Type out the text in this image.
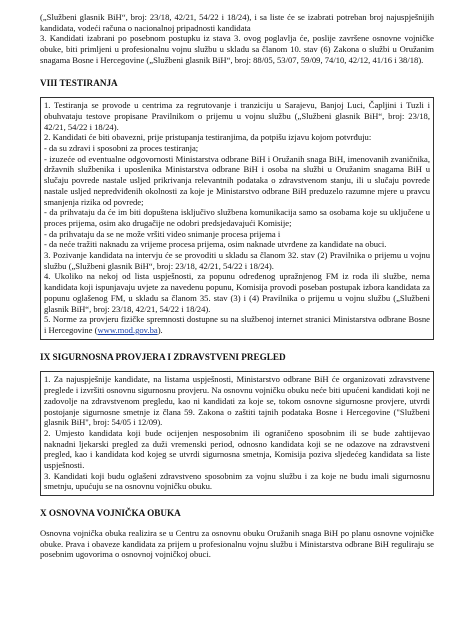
(„Službeni glasnik BiH“, broj: 23/18, 42/21, 54/22 i 18/24), i sa liste će se izabrati potreban broj najuspješnijih kandidata, vodeći računa o nacionalnoj pripadnosti kandidata

3. Kandidati izabrani po posebnom postupku iz stava 3. ovog poglavlja će, poslije završene osnovne vojničke obuke, biti primljeni u profesionalnu vojnu službu u skladu sa članom 10. stav (6) Zakona o službi u Oružanim snagama Bosne i Hercegovine („Službeni glasnik BiH“, broj: 88/05, 53/07, 59/09, 74/10, 42/12, 41/16 i 38/18).

VIII TESTIRANJA

1. Testiranja se provode u centrima za regrutovanje i tranziciju u Sarajevu, Banjoj Luci, Čapljini i Tuzli i obuhvataju testove propisane Pravilnikom o prijemu u vojnu službu („Službeni glasnik BiH“, broj: 23/18, 42/21, 54/22 i 18/24).

2. Kandidati će biti obavezni, prije pristupanja testiranjima, da potpišu izjavu kojom potvrđuju:

- da su zdravi i sposobni za proces testiranja;

- izuzeće od eventualne odgovornosti Ministarstva odbrane BiH i Oružanih snaga BiH, imenovanih zvaničnika, državnih službenika i uposlenika Ministarstva odbrane BiH i osoba na službi u Oružanim snagama BiH u slučaju povrede nastale usljed prikrivanja relevantnih podataka o zdravstvenom stanju, ili u slučaju povrede nastale usljed nepredviđenih okolnosti za koje je Ministarstvo odbrane BiH preduzelo razumne mjere u pravcu smanjenja rizika od povrede;

- da prihvataju da će im biti dopuštena isključivo službena komunikacija samo sa osobama koje su uključene u proces prijema, osim ako drugačije ne odobri predsjedavajući Komisije;

- da prihvataju da se ne može vršiti video snimanje procesa prijema i

- da neće tražiti naknadu za vrijeme procesa prijema, osim naknade utvrđene za kandidate na obuci.

3. Pozivanje kandidata na intervju će se provoditi u skladu sa članom 32. stav (2) Pravilnika o prijemu u vojnu službu („Službeni glasnik BiH“, broj: 23/18, 42/21, 54/22 i 18/24).

4. Ukoliko na nekoj od lista uspješnosti, za popunu određenog upražnjenog FM iz roda ili službe, nema kandidata koji ispunjavaju uvjete za navedenu popunu, Komisija provodi poseban postupak izbora kandidata za popunu oglašenog FM, u skladu sa članom 35. stav (3) i (4) Pravilnika o prijemu u vojnu službu („Službeni glasnik BiH“, broj: 23/18, 42/21, 54/22 i 18/24).

5. Norme za provjeru fizičke spremnosti dostupne su na službenoj internet stranici Ministarstva odbrane Bosne i Hercegovine (www.mod.gov.ba).

IX SIGURNOSNA PROVJERA I ZDRAVSTVENI PREGLED

1. Za najuspješnije kandidate, na listama uspješnosti, Ministarstvo odbrane BiH će organizovati zdravstvene preglede i izvršiti osnovnu sigurnosnu provjeru. Na osnovnu vojničku obuku neće biti upućeni kandidati koji ne zadovolje na zdravstvenom pregledu, kao ni kandidati za koje se, tokom osnovne sigurnosne provjere, utvrdi postojanje sigurnosne smetnje iz člana 59. Zakona o zaštiti tajnih podataka Bosne i Hercegovine ("Službeni glasnik BiH", broj: 54/05 i 12/09).

2. Umjesto kandidata koji bude ocijenjen nesposobnim ili ograničeno sposobnim ili se bude zahtijevao naknadni ljekarski pregled za duži vremenski period, odnosno kandidata koji se ne odazove na zdravstveni pregled, kao i kandidata kod kojeg se utvrdi sigurnosna smetnja, Komisija poziva sljedećeg kandidata sa liste uspješnosti.

3. Kandidati koji budu oglašeni zdravstveno sposobnim za vojnu službu i za koje ne budu imali sigurnosnu smetnju, upućuju se na osnovnu vojničku obuku.

X OSNOVNA VOJNIČKA OBUKA

Osnovna vojnička obuka realizira se u Centru za osnovnu obuku Oružanih snaga BiH po planu osnovne vojničke obuke. Prava i obaveze kandidata za prijem u profesionalnu vojnu službu i Ministarstva odbrane BiH reguliraju se posebnim ugovorima o osnovnoj vojničkoj obuci.
